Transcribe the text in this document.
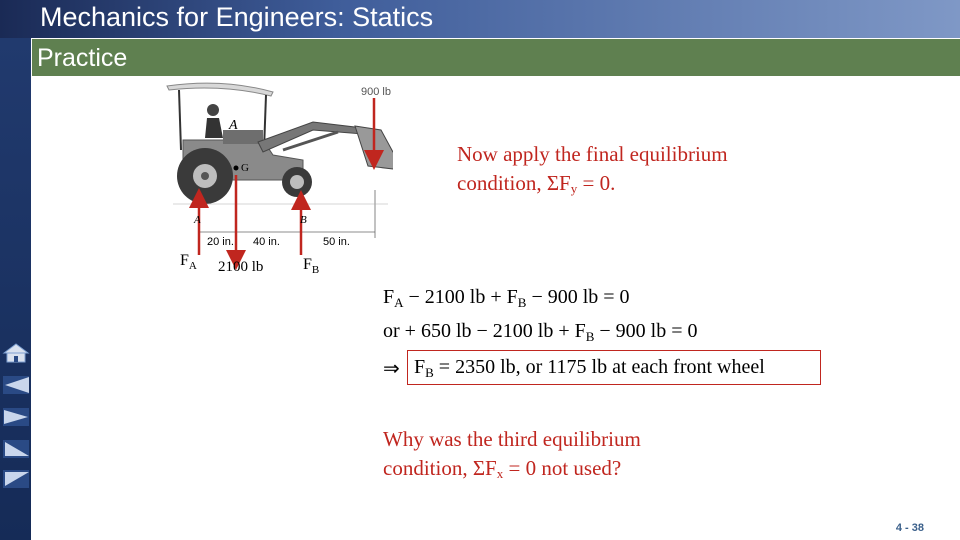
Mechanics for Engineers: Statics
Practice
900 lb
A
G
A	B
20 in. 40 in.	50 in.
$F_A$ 2100 lb $F_B$
Now apply the final equilibrium
condition, $\Sigma F_y = 0$.
$F_A - 2100$ lb + $F_B - 900$ lb = 0
or + 650 lb − 2100 lb + $F_B - 900$ lb = 0
⇒ $F_B = 2350$ lb, or 1175 lb at each front wheel
Why was the third equilibrium
condition, $\Sigma F_x = 0$ not used?
4 - 38
